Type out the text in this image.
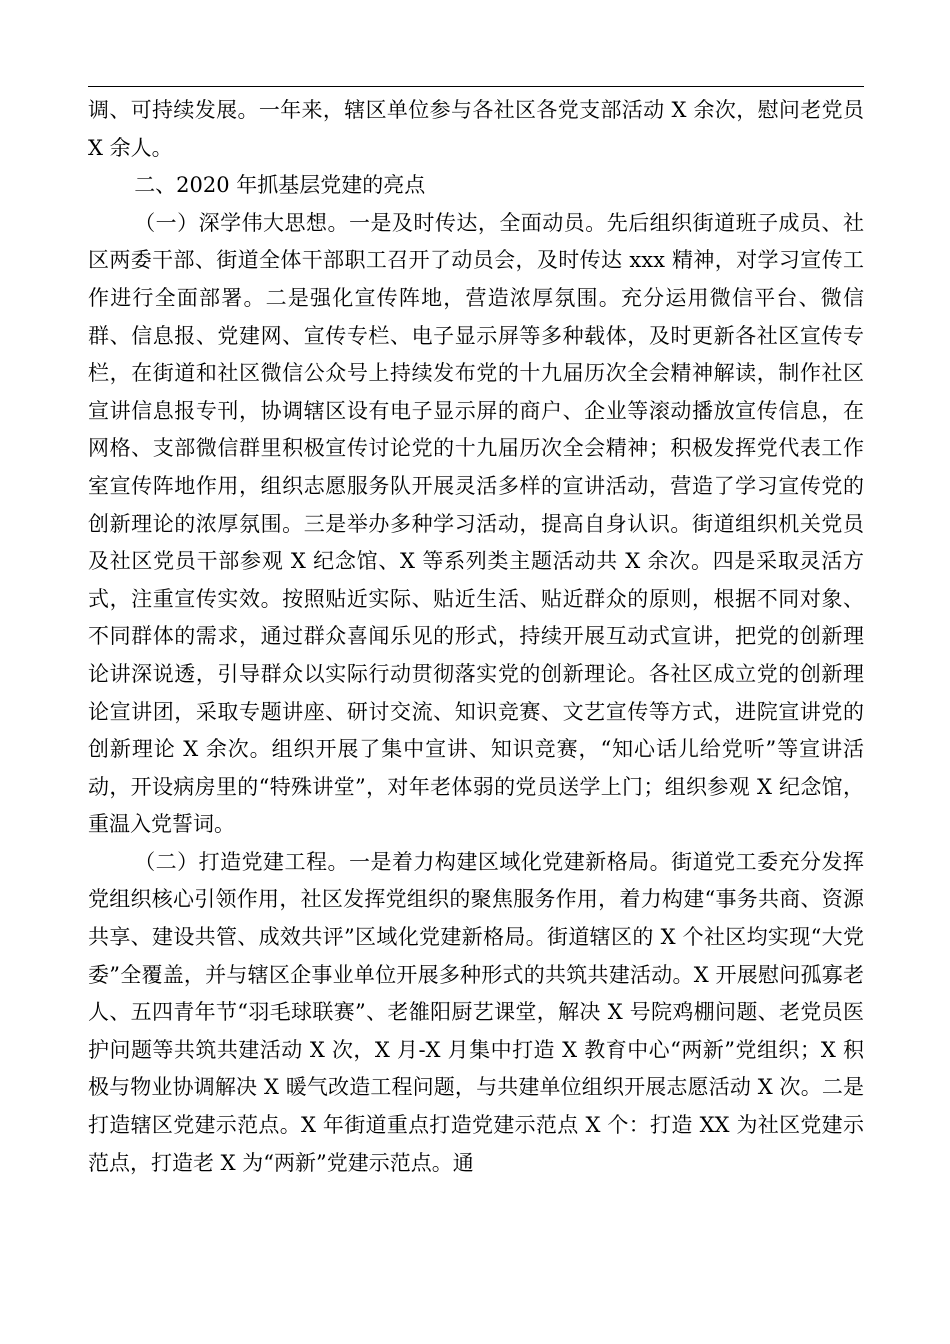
调、可持续发展。一年来，辖区单位参与各社区各党支部活动 X 余次，慰问老党员 X 余人。

二、2020 年抓基层党建的亮点

（一）深学伟大思想。一是及时传达，全面动员。先后组织街道班子成员、社区两委干部、街道全体干部职工召开了动员会，及时传达 xxx 精神，对学习宣传工作进行全面部署。二是强化宣传阵地，营造浓厚氛围。充分运用微信平台、微信群、信息报、党建网、宣传专栏、电子显示屏等多种载体，及时更新各社区宣传专栏，在街道和社区微信公众号上持续发布党的十九届历次全会精神解读，制作社区宣讲信息报专刊，协调辖区设有电子显示屏的商户、企业等滚动播放宣传信息，在网格、支部微信群里积极宣传讨论党的十九届历次全会精神；积极发挥党代表工作室宣传阵地作用，组织志愿服务队开展灵活多样的宣讲活动，营造了学习宣传党的创新理论的浓厚氛围。三是举办多种学习活动，提高自身认识。街道组织机关党员及社区党员干部参观 X 纪念馆、X 等系列类主题活动共 X 余次。四是采取灵活方式，注重宣传实效。按照贴近实际、贴近生活、贴近群众的原则，根据不同对象、不同群体的需求，通过群众喜闻乐见的形式，持续开展互动式宣讲，把党的创新理论讲深说透，引导群众以实际行动贯彻落实党的创新理论。各社区成立党的创新理论宣讲团，采取专题讲座、研讨交流、知识竞赛、文艺宣传等方式，进院宣讲党的创新理论 X 余次。组织开展了集中宣讲、知识竞赛，“知心话儿给党听”等宣讲活动，开设病房里的“特殊讲堂”，对年老体弱的党员送学上门；组织参观 X 纪念馆，重温入党誓词。

（二）打造党建工程。一是着力构建区域化党建新格局。街道党工委充分发挥党组织核心引领作用，社区发挥党组织的聚焦服务作用，着力构建“事务共商、资源共享、建设共管、成效共评”区域化党建新格局。街道辖区的 X 个社区均实现“大党委”全覆盖，并与辖区企事业单位开展多种形式的共筑共建活动。X 开展慰问孤寡老人、五四青年节“羽毛球联赛”、老雒阳厨艺课堂，解决 X 号院鸡棚问题、老党员医护问题等共筑共建活动 X 次，X 月-X 月集中打造 X 教育中心“两新”党组织；X 积极与物业协调解决 X 暖气改造工程问题，与共建单位组织开展志愿活动 X 次。二是打造辖区党建示范点。X 年街道重点打造党建示范点 X 个：打造 XX 为社区党建示范点，打造老 X 为“两新”党建示范点。通
